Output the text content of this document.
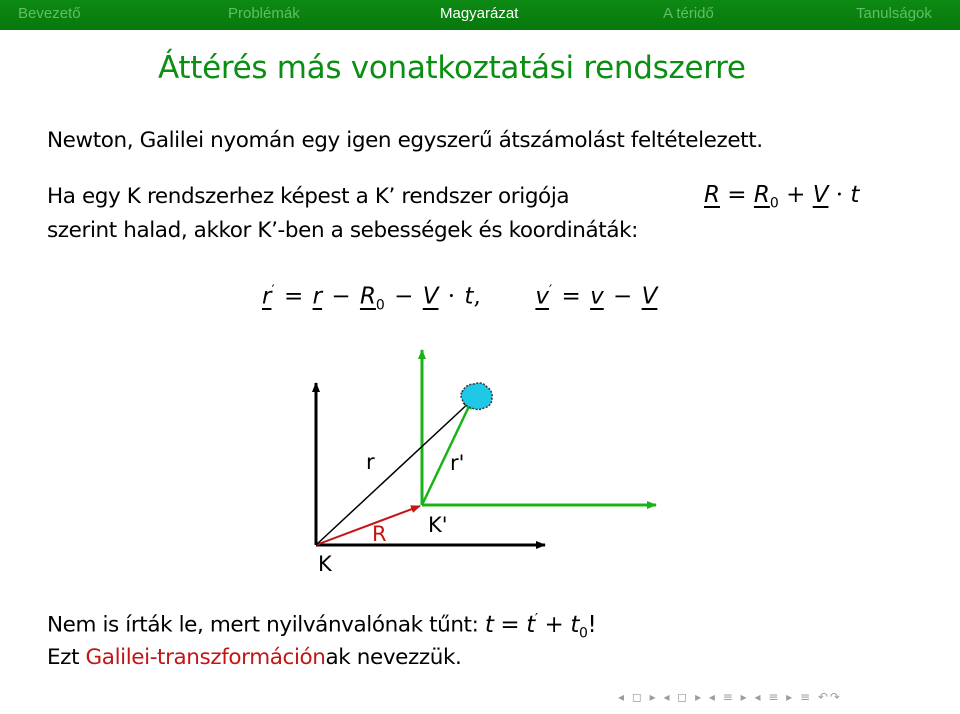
Bevezető	Problémák	Magyarázat	A téridő	Tanulságok
Áttérés más vonatkoztatási rendszerre
Newton, Galilei nyomán egy igen egyszerű átszámolást feltételezett.
Ha egy K rendszerhez képest a K’ rendszer origója	$R = R_0 + V \cdot t$
szerint halad, akkor K’-ben a sebességek és koordináták:
$r' = r - R_0 - V \cdot t$, v′ = v − V
K
K'
R
r	r'
Nem is írták le, mert nyilvánvalónak tűnt: $t = t' + t_0$!
Ezt Galilei-transzformációnak nevezzük.
◂ ◻ ▸ ◂ ◻ ▸ ◂ ≡ ▸ ◂ ≡ ▸ ≡ ↶↷
